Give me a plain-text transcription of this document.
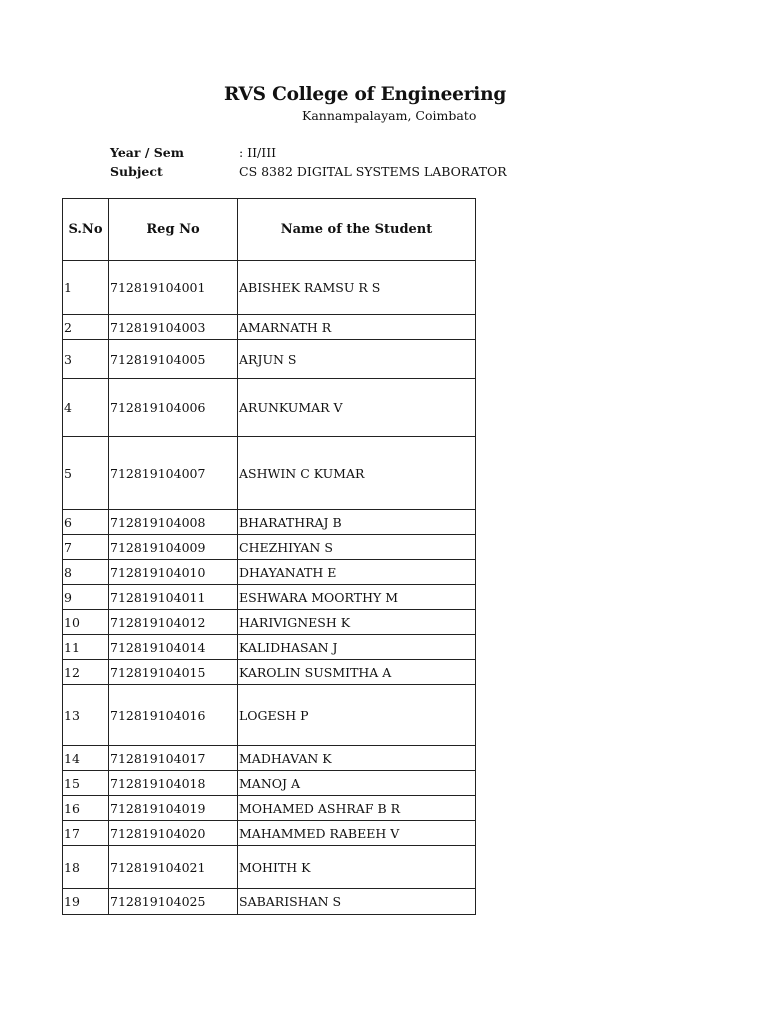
RVS College of Engineering
Kannampalayam, Coimbato
Year / Sem	: II/III
Subject	CS 8382 DIGITAL SYSTEMS LABORATOR
S.No	Reg No	Name of the Student
1	712819104001	ABISHEK RAMSU R S
2	712819104003	AMARNATH R
3	712819104005	ARJUN S
4	712819104006	ARUNKUMAR V
5	712819104007	ASHWIN C KUMAR
6	712819104008	BHARATHRAJ B
7	712819104009	CHEZHIYAN S
8	712819104010	DHAYANATH E
9	712819104011	ESHWARA MOORTHY M
10	712819104012	HARIVIGNESH K
11	712819104014	KALIDHASAN J
12	712819104015	KAROLIN SUSMITHA A
13	712819104016	LOGESH P
14	712819104017	MADHAVAN K
15	712819104018	MANOJ A
16	712819104019	MOHAMED ASHRAF B R
17	712819104020	MAHAMMED RABEEH V
18	712819104021	MOHITH K
19	712819104025	SABARISHAN S
